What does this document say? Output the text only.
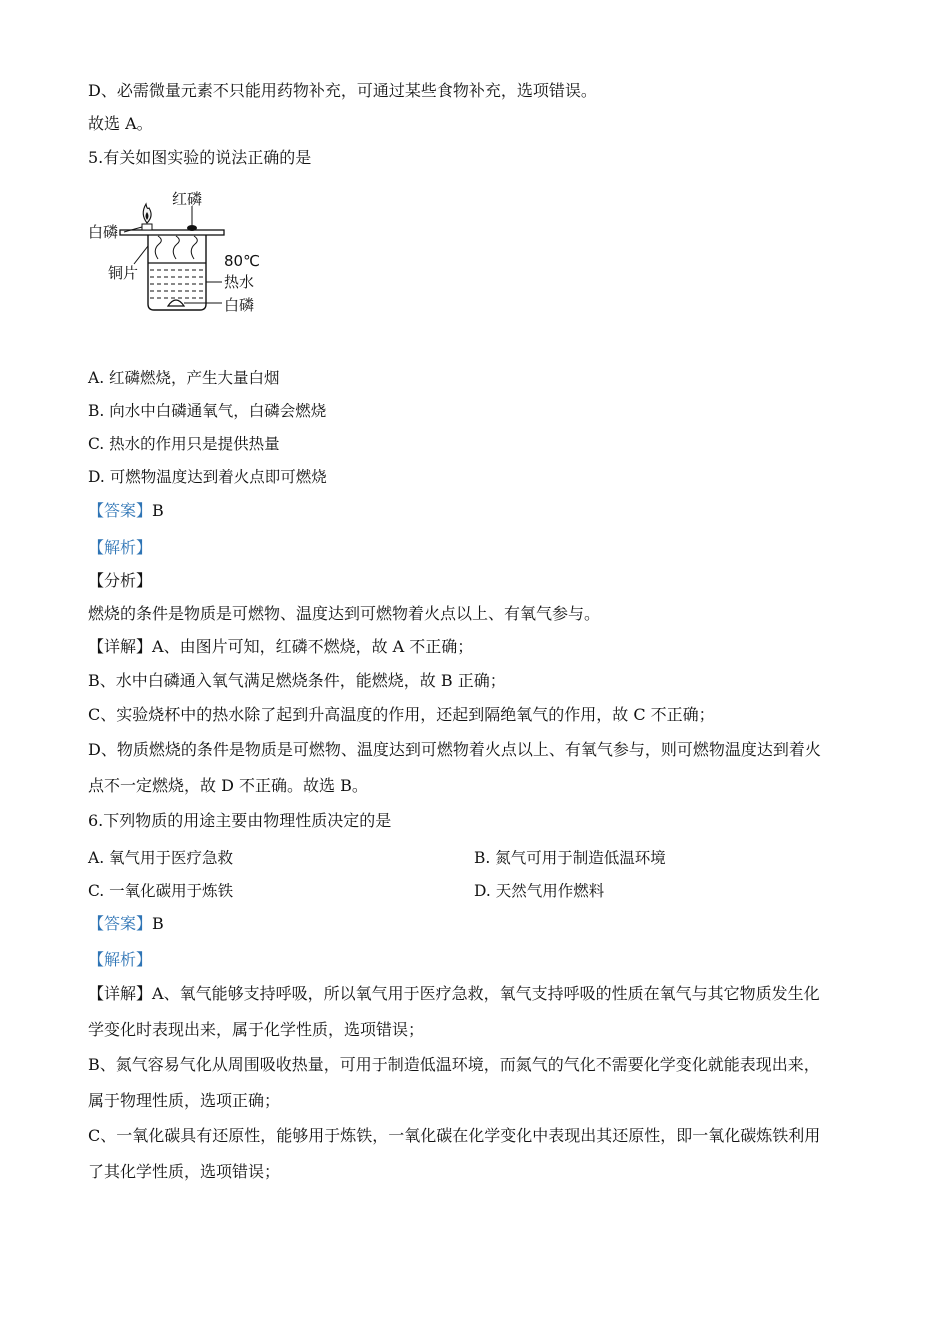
D、必需微量元素不只能用药物补充，可通过某些食物补充，选项错误。
故选 A。
5.有关如图实验的说法正确的是
红磷
白磷
铜片
80℃
热水
白磷
A. 红磷燃烧，产生大量白烟
B. 向水中白磷通氧气，白磷会燃烧
C. 热水的作用只是提供热量
D. 可燃物温度达到着火点即可燃烧
【答案】B
【解析】
【分析】
燃烧的条件是物质是可燃物、温度达到可燃物着火点以上、有氧气参与。
【详解】A、由图片可知，红磷不燃烧，故 A 不正确；
B、水中白磷通入氧气满足燃烧条件，能燃烧，故 B 正确；
C、实验烧杯中的热水除了起到升高温度的作用，还起到隔绝氧气的作用，故 C 不正确；
D、物质燃烧的条件是物质是可燃物、温度达到可燃物着火点以上、有氧气参与，则可燃物温度达到着火
点不一定燃烧，故 D 不正确。故选 B。
6.下列物质的用途主要由物理性质决定的是
A. 氧气用于医疗急救	B. 氮气可用于制造低温环境
C. 一氧化碳用于炼铁	D. 天然气用作燃料
【答案】B
【解析】
【详解】A、氧气能够支持呼吸，所以氧气用于医疗急救，氧气支持呼吸的性质在氧气与其它物质发生化
学变化时表现出来，属于化学性质，选项错误；
B、氮气容易气化从周围吸收热量，可用于制造低温环境，而氮气的气化不需要化学变化就能表现出来，
属于物理性质，选项正确；
C、一氧化碳具有还原性，能够用于炼铁，一氧化碳在化学变化中表现出其还原性，即一氧化碳炼铁利用
了其化学性质，选项错误；
